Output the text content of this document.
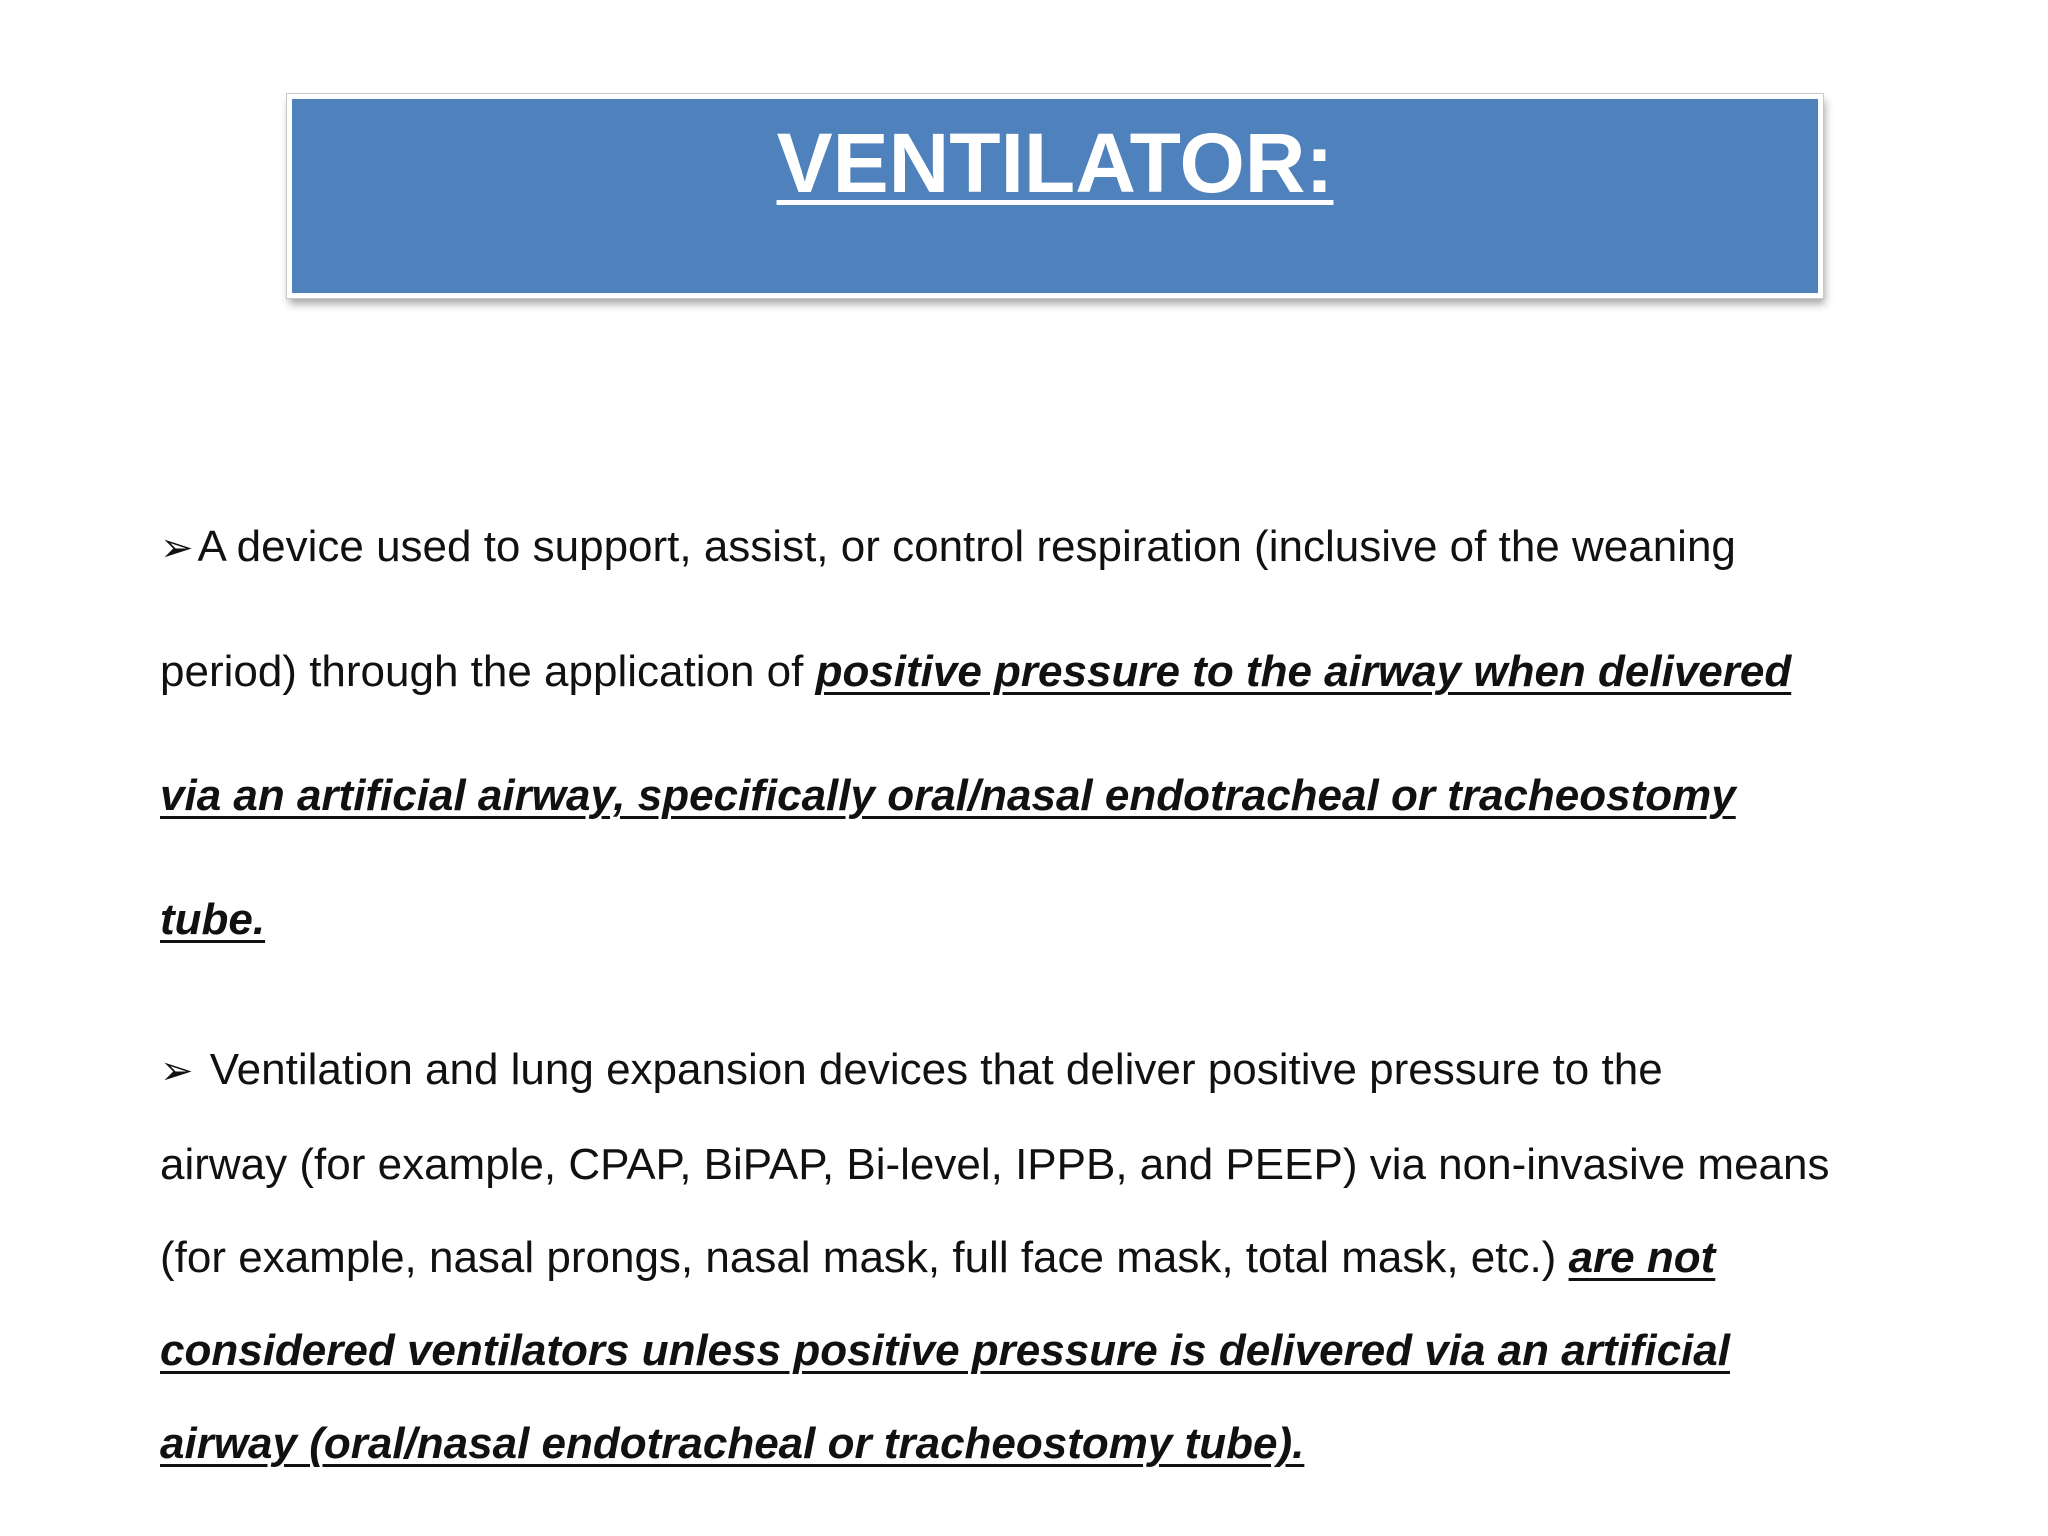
VENTILATOR:
➢A device used to support, assist, or control respiration (inclusive of the weaning
period) through the application of positive pressure to the airway when delivered
via an artificial airway, specifically oral/nasal endotracheal or tracheostomy
tube.
➢ Ventilation and lung expansion devices that deliver positive pressure to the
airway (for example, CPAP, BiPAP, Bi-level, IPPB, and PEEP) via non-invasive means
(for example, nasal prongs, nasal mask, full face mask, total mask, etc.) are not
considered ventilators unless positive pressure is delivered via an artificial
airway (oral/nasal endotracheal or tracheostomy tube).
